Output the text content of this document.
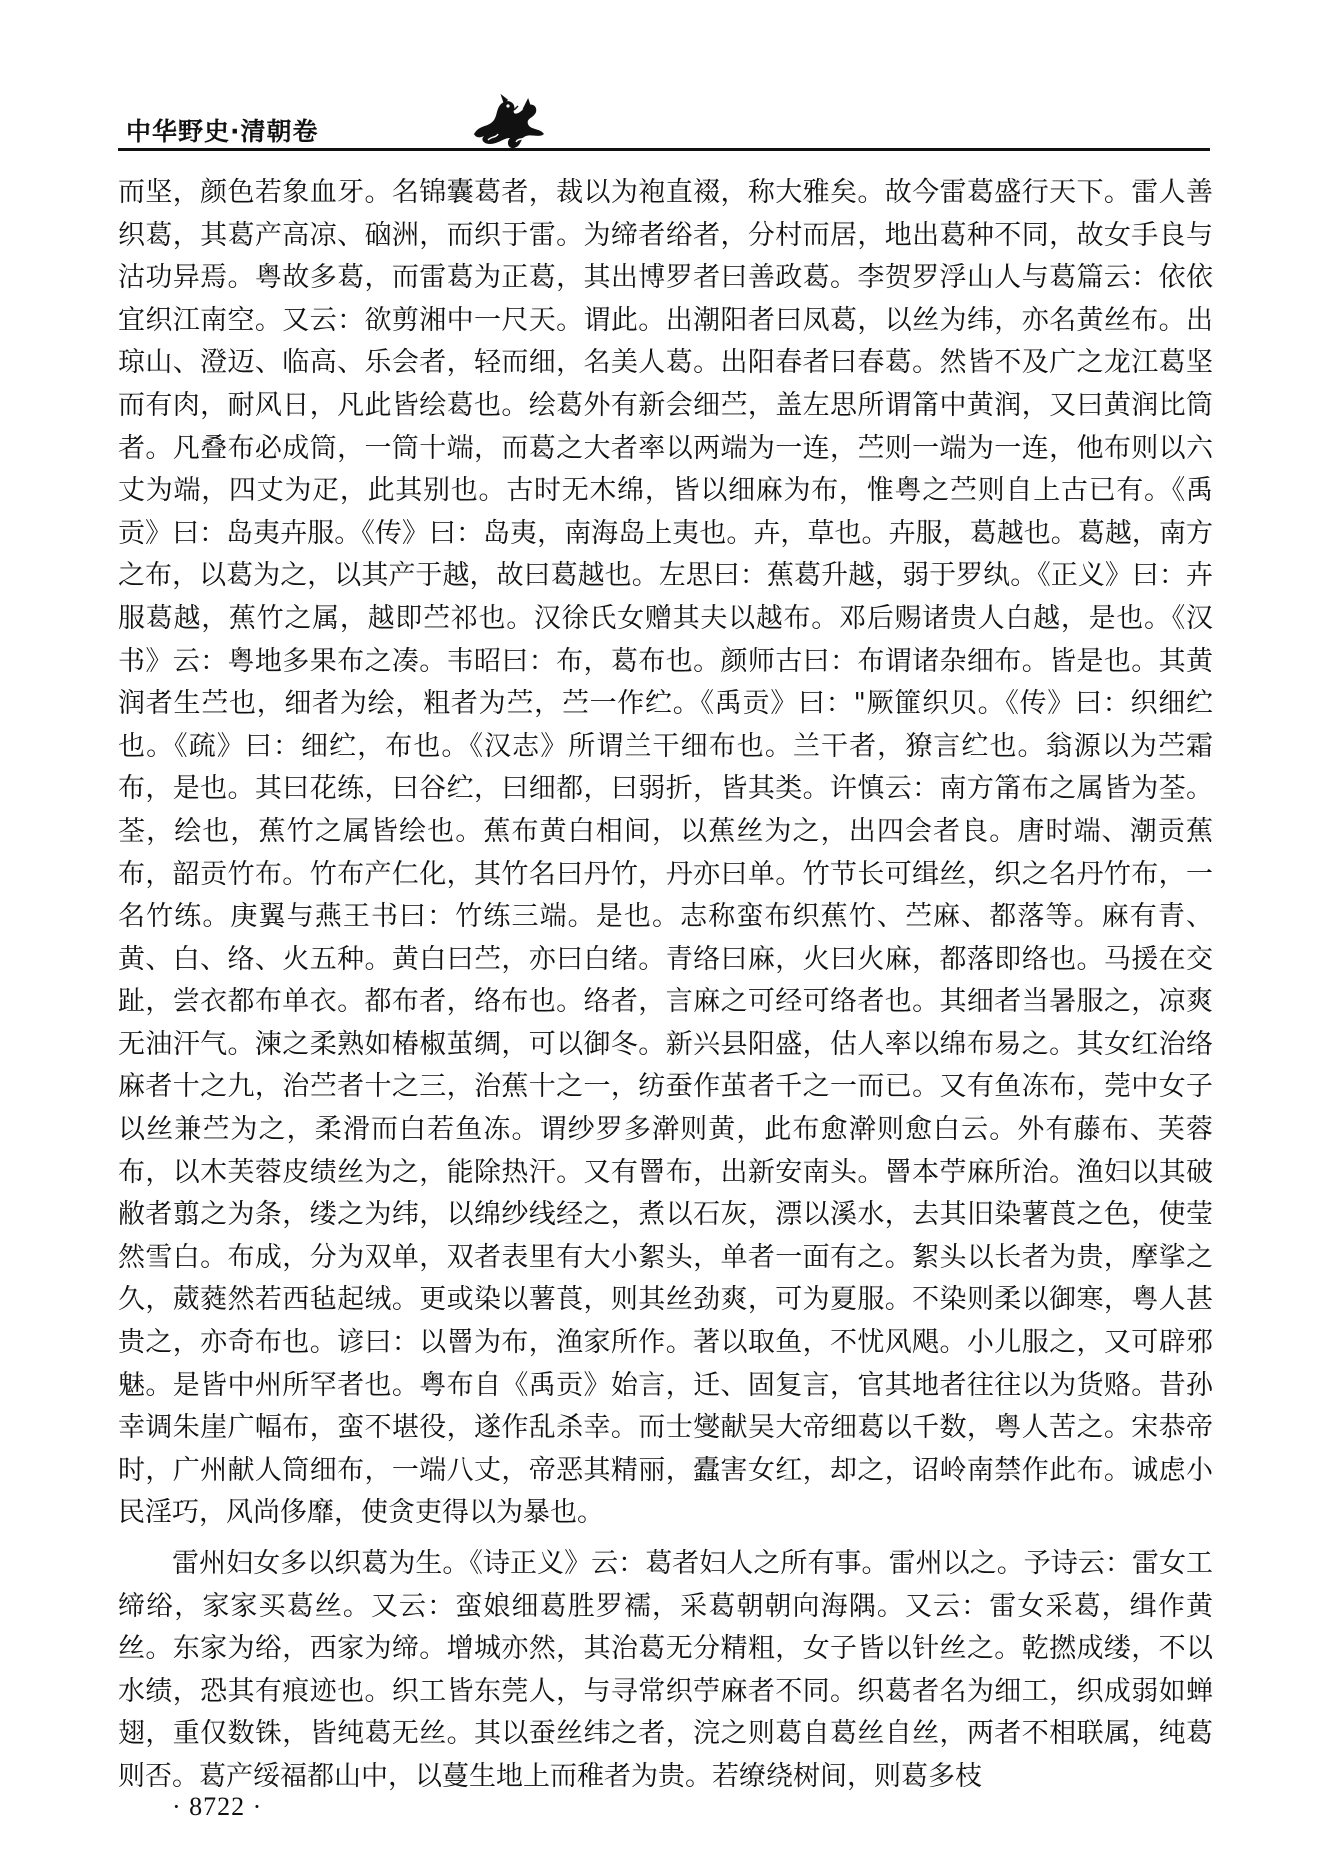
中华野史·清朝卷

而坚，颜色若象血牙。名锦囊葛者，裁以为袍直裰，称大雅矣。故今雷葛盛行天下。雷人善织葛，其葛产高凉、硇洲，而织于雷。为缔者绤者，分村而居，地出葛种不同，故女手良与沽功异焉。粤故多葛，而雷葛为正葛，其出博罗者曰善政葛。李贺罗浮山人与葛篇云：依依宜织江南空。又云：欲剪湘中一尺天。谓此。出潮阳者曰凤葛，以丝为纬，亦名黄丝布。出琼山、澄迈、临高、乐会者，轻而细，名美人葛。出阳春者曰春葛。然皆不及广之龙江葛坚而有肉，耐风日，凡此皆绘葛也。绘葛外有新会细苎，盖左思所谓筩中黄润，又曰黄润比筒者。凡叠布必成筒，一筒十端，而葛之大者率以两端为一连，苎则一端为一连，他布则以六丈为端，四丈为疋，此其别也。古时无木绵，皆以细麻为布，惟粤之苎则自上古已有。《禹贡》曰：岛夷卉服。《传》曰：岛夷，南海岛上夷也。卉，草也。卉服，葛越也。葛越，南方之布，以葛为之，以其产于越，故曰葛越也。左思曰：蕉葛升越，弱于罗纨。《正义》曰：卉服葛越，蕉竹之属，越即苎祁也。汉徐氏女赠其夫以越布。邓后赐诸贵人白越，是也。《汉书》云：粤地多果布之凑。韦昭曰：布，葛布也。颜师古曰：布谓诸杂细布。皆是也。其黄润者生苎也，细者为绘，粗者为苎，苎一作纻。《禹贡》曰："厥篚织贝。《传》曰：织细纻也。《疏》曰：细纻，布也。《汉志》所谓兰干细布也。兰干者，獠言纻也。翁源以为苎霜布，是也。其曰花练，曰谷纻，曰细都，曰弱折，皆其类。许慎云：南方筩布之属皆为荃。荃，绘也，蕉竹之属皆绘也。蕉布黄白相间，以蕉丝为之，出四会者良。唐时端、潮贡蕉布，韶贡竹布。竹布产仁化，其竹名曰丹竹，丹亦曰单。竹节长可缉丝，织之名丹竹布，一名竹练。庚翼与燕王书曰：竹练三端。是也。志称蛮布织蕉竹、苎麻、都落等。麻有青、黄、白、络、火五种。黄白曰苎，亦曰白绪。青络曰麻，火曰火麻，都落即络也。马援在交趾，尝衣都布单衣。都布者，络布也。络者，言麻之可经可络者也。其细者当暑服之，凉爽无油汗气。湅之柔熟如椿椒茧绸，可以御冬。新兴县阳盛，估人率以绵布易之。其女红治络麻者十之九，治苎者十之三，治蕉十之一，纺蚕作茧者千之一而已。又有鱼冻布，莞中女子以丝兼苎为之，柔滑而白若鱼冻。谓纱罗多澣则黄，此布愈澣则愈白云。外有藤布、芙蓉布，以木芙蓉皮绩丝为之，能除热汗。又有罾布，出新安南头。罾本苧麻所治。渔妇以其破敝者翦之为条，缕之为纬，以绵纱线经之，煮以石灰，漂以溪水，去其旧染薯莨之色，使莹然雪白。布成，分为双单，双者表里有大小絮头，单者一面有之。絮头以长者为贵，摩挲之久，葳蕤然若西毡起绒。更或染以薯莨，则其丝劲爽，可为夏服。不染则柔以御寒，粤人甚贵之，亦奇布也。谚曰：以罾为布，渔家所作。著以取鱼，不忧风飓。小儿服之，又可辟邪魅。是皆中州所罕者也。粤布自《禹贡》始言，迁、固复言，官其地者往往以为货赂。昔孙幸调朱崖广幅布，蛮不堪役，遂作乱杀幸。而士燮献吴大帝细葛以千数，粤人苦之。宋恭帝时，广州献人筒细布，一端八丈，帝恶其精丽，蠹害女红，却之，诏岭南禁作此布。诚虑小民淫巧，风尚侈靡，使贪吏得以为暴也。

雷州妇女多以织葛为生。《诗正义》云：葛者妇人之所有事。雷州以之。予诗云：雷女工缔绤，家家买葛丝。又云：蛮娘细葛胜罗襦，采葛朝朝向海隅。又云：雷女采葛，缉作黄丝。东家为绤，西家为缔。增城亦然，其治葛无分精粗，女子皆以针丝之。乾撚成缕，不以水绩，恐其有痕迹也。织工皆东莞人，与寻常织苧麻者不同。织葛者名为细工，织成弱如蝉翅，重仅数铢，皆纯葛无丝。其以蚕丝纬之者，浣之则葛自葛丝自丝，两者不相联属，纯葛则否。葛产绥福都山中，以蔓生地上而稚者为贵。若缭绕树间，则葛多枝

· 8722 ·
